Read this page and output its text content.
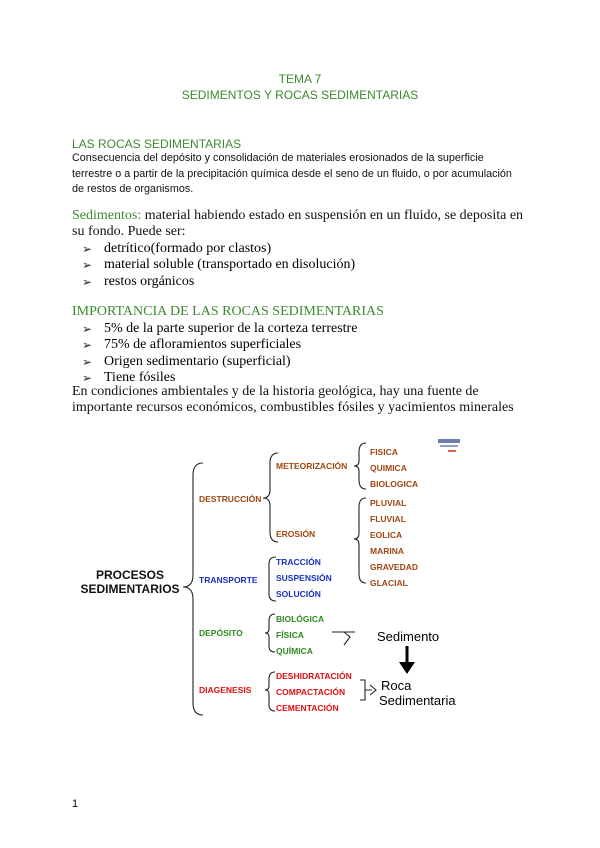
TEMA 7
SEDIMENTOS Y ROCAS SEDIMENTARIAS
LAS ROCAS SEDIMENTARIAS
Consecuencia del depósito y consolidación de materiales erosionados de la superficie
terrestre o a partir de la precipitación química desde el seno de un fluido, o por acumulación
de restos de organismos.
Sedimentos: material habiendo estado en suspensión en un fluido, se deposita en
su fondo. Puede ser:
➢ detrítico(formado por clastos)
➢ material soluble (transportado en disolución)
➢ restos orgánicos
IMPORTANCIA DE LAS ROCAS SEDIMENTARIAS
➢ 5% de la parte superior de la corteza terrestre
➢ 75% de afloramientos superficiales
➢ Origen sedimentario (superficial)
➢ Tiene fósiles
En condiciones ambientales y de la historia geológica, hay una fuente de
importante recursos económicos, combustibles fósiles y yacimientos minerales
PROCESOS
SEDIMENTARIOS
DESTRUCCIÓN
METEORIZACIÓN
FISICA
QUIMICA
BIOLOGICA
EROSIÓN
PLUVIAL
FLUVIAL
EOLICA
MARINA
GRAVEDAD
GLACIAL
TRANSPORTE
TRACCIÓN
SUSPENSIÓN
SOLUCIÓN
DEPÓSITO
BIOLÓGICA
FÍSICA
QUÍMICA
DIAGENESIS
DESHIDRATACIÓN
COMPACTACIÓN
CEMENTACIÓN
Sedimento
Roca
Sedimentaria
1
